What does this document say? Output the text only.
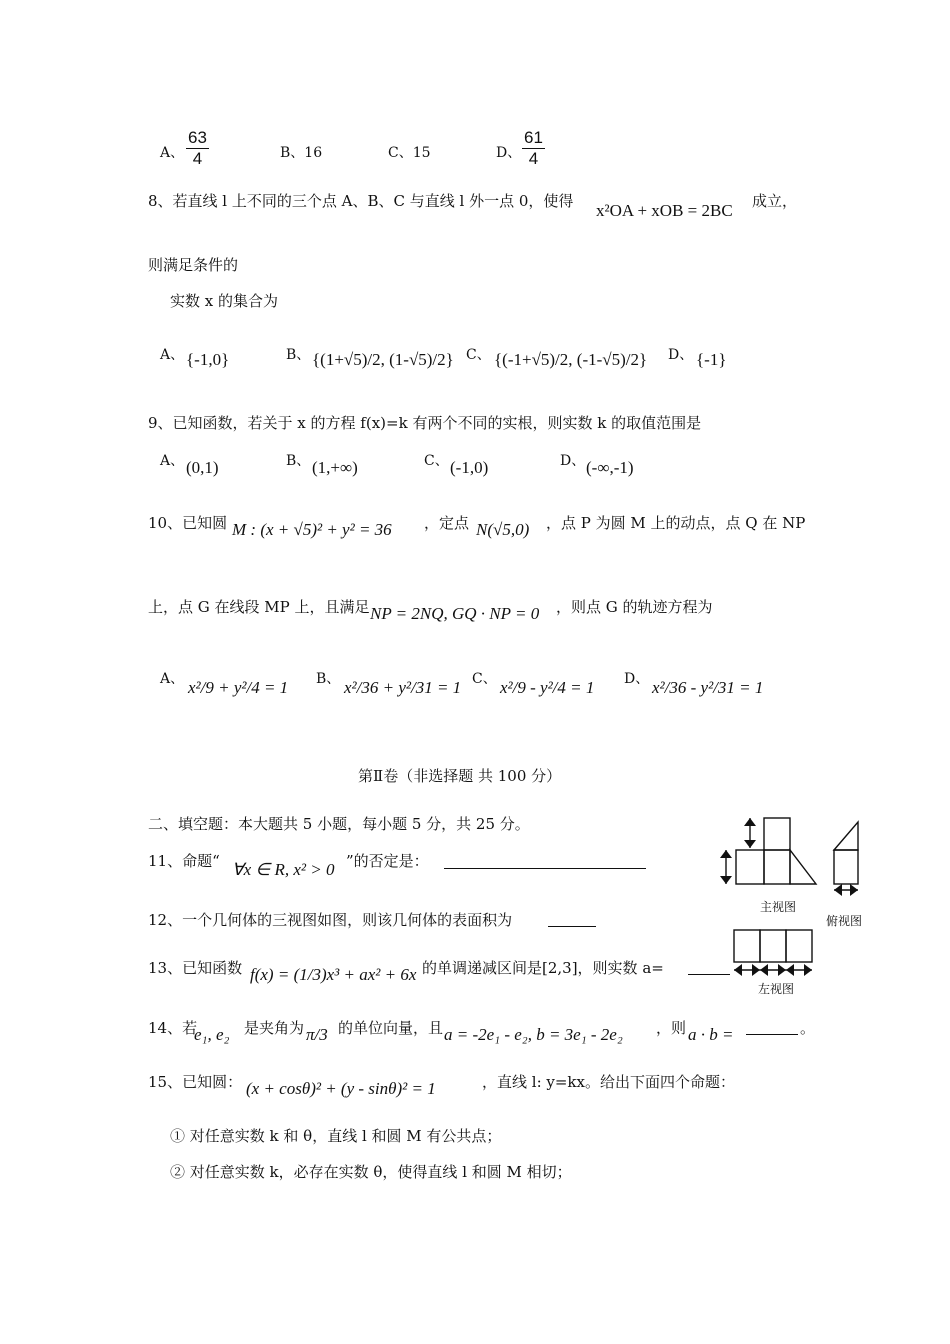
A、 $\frac{63}{4}$	B、16	C、15	D、 $\frac{61}{4}$
8、若直线 l 上不同的三个点 A、B、C 与直线 l 外一点 0，使得 x²OA + xOB = 2BC 成立，
则满足条件的
实数 x 的集合为
A、 {-1,0}	B、 {(1+√5)/2, (1-√5)/2} C、 {(-1+√5)/2, (-1-√5)/2} D、 {-1}
9、已知函数，若关于 x 的方程 f(x)=k 有两个不同的实根，则实数 k 的取值范围是
A、 (0,1)	B、 (1,+∞)	C、 (-1,0)	D、 (-∞,-1)
10、已知圆 M : (x + √5)² + y² = 36 ，定点 N(√5,0) ，点 P 为圆 M 上的动点，点 Q 在 NP
上，点 G 在线段 MP 上，且满足 NP = 2NQ, GQ · NP = 0 ，则点 G 的轨迹方程为
A、 x²/9 + y²/4 = 1 B、 x²/36 + y²/31 = 1 C、 x²/9 - y²/4 = 1 D、 x²/36 - y²/31 = 1
第Ⅱ卷（非选择题 共 100 分）
二、填空题：本大题共 5 小题，每小题 5 分，共 25 分。
11、命题“ ∀x ∈ R, x² > 0 ”的否定是：
12、一个几何体的三视图如图，则该几何体的表面积为
13、已知函数 f(x) = (1/3)x³ + ax² + 6x 的单调递减区间是[2,3]，则实数 a=
14、若
e₁, e₂ 是夹角为 π/3 的单位向量，且 a = -2e₁ - e₂, b = 3e₁ - 2e₂ ，则 a · b =	。
15、已知圆： (x + cosθ)² + (y - sinθ)² = 1	，直线 l: y=kx。给出下面四个命题：
① 对任意实数 k 和 θ，直线 l 和圆 M 有公共点；
② 对任意实数 k，必存在实数 θ，使得直线 l 和圆 M 相切；
主视图
俯视图
左视图
